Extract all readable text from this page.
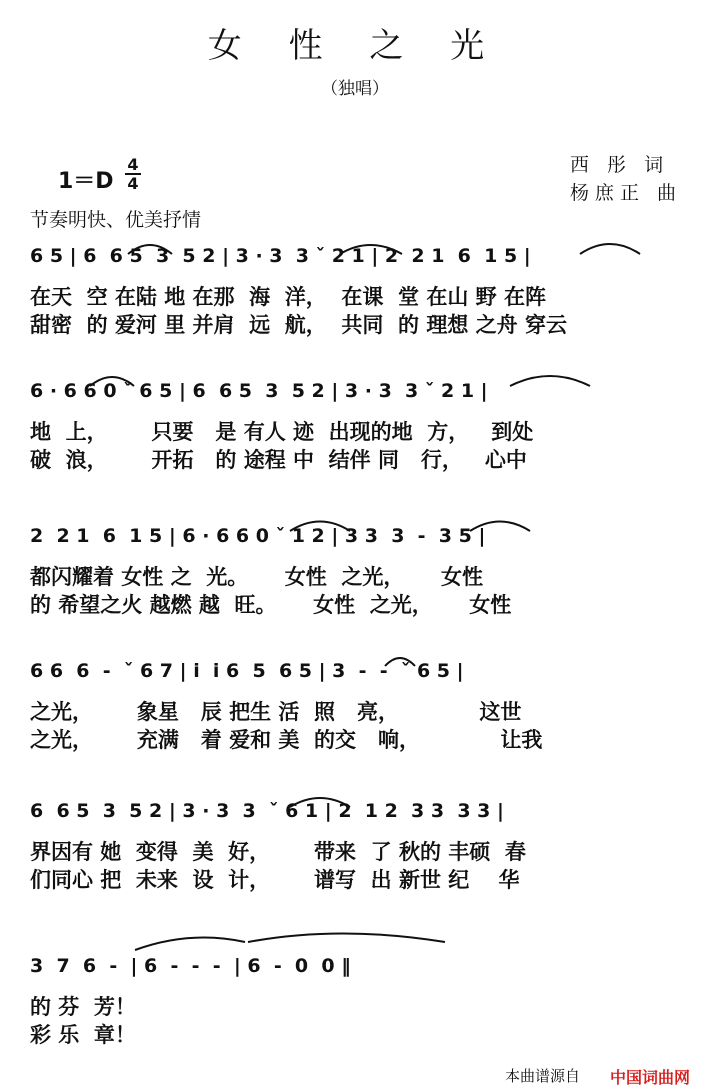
女 性 之 光
（独唱）
1＝D
4
4
西 彤 词
杨庶正 曲
节奏明快、优美抒情
6 5 | 6  6 5  3  5 2 | 3 · 3  3 ˇ 2 1 | 2  2 1  6  1 5 |
在天  空 在陆 地 在那  海  洋，  在课  堂 在山 野 在阵
甜密  的 爱河 里 并肩  远  航，  共同  的 理想 之舟 穿云
6 · 6 6 0 ˇ 6 5 | 6  6 5  3  5 2 | 3 · 3  3 ˇ 2 1 |
地  上，      只要   是 有人 迹  出现的地  方，   到处
破  浪，      开拓   的 途程 中  结伴 同   行，   心中
2  2 1  6  1 5 | 6 · 6 6 0 ˇ 1 2 | 3 3  3  -  3 5 |
都闪耀着 女性 之  光。     女性  之光，     女性
的 希望之火 越燃 越  旺。     女性  之光，     女性
6 6  6  -  ˇ 6 7 | i  i 6  5  6 5 | 3  -  -  ˇ 6 5 |
之光，      象星   辰 把生 活  照   亮，           这世
之光，      充满   着 爱和 美  的交   响，           让我
6  6 5  3  5 2 | 3 · 3  3  ˇ 6 1 | 2  1 2  3 3  3 3 |
界因有 她  变得  美  好，      带来  了 秋的 丰硕  春
们同心 把  未来  设  计，      谱写  出 新世 纪    华
3  7  6  -  | 6  -  -  -  | 6  -  0  0 ‖
的 芬  芳！
彩 乐  章！
本曲谱源自 中国词曲网
